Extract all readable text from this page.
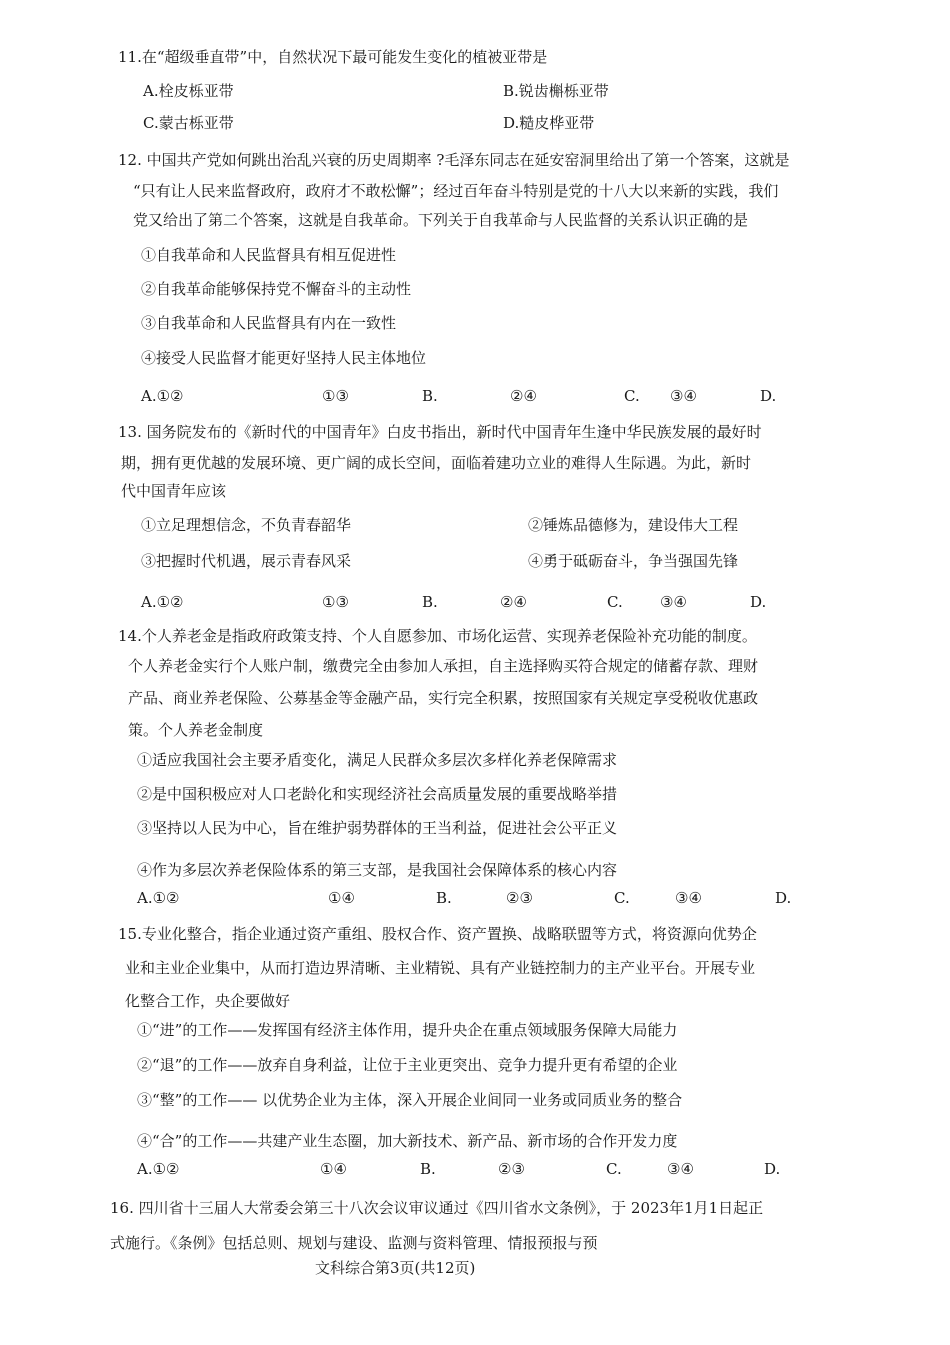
11.在“超级垂直带”中，自然状况下最可能发生变化的植被亚带是
A.栓皮栎亚带	B.锐齿槲栎亚带
C.蒙古栎亚带	D.糙皮桦亚带
12. 中国共产党如何跳出治乱兴衰的历史周期率 ?毛泽东同志在延安窑洞里给出了第一个答案，这就是
“只有让人民来监督政府，政府才不敢松懈”；经过百年奋斗特别是党的十八大以来新的实践，我们
党又给出了第二个答案，这就是自我革命。下列关于自我革命与人民监督的关系认识正确的是
①自我革命和人民监督具有相互促进性
②自我革命能够保持党不懈奋斗的主动性
③自我革命和人民监督具有内在一致性
④接受人民监督才能更好坚持人民主体地位
A.①②	①③	B.	②④	C. ③④	D.
13. 国务院发布的《新时代的中国青年》白皮书指出，新时代中国青年生逢中华民族发展的最好时
期，拥有更优越的发展环境、更广阔的成长空间，面临着建功立业的难得人生际遇。为此，新时
代中国青年应该
①立足理想信念，不负青春韶华	②锤炼品德修为，建设伟大工程
③把握时代机遇，展示青春风采	④勇于砥砺奋斗，争当强国先锋
A.①②	①③	B.	②④	C. ③④	D.
14.个人养老金是指政府政策支持、个人自愿参加、市场化运营、实现养老保险补充功能的制度。
个人养老金实行个人账户制，缴费完全由参加人承担，自主选择购买符合规定的储蓄存款、理财
产品、商业养老保险、公募基金等金融产品，实行完全积累，按照国家有关规定享受税收优惠政
策。个人养老金制度
①适应我国社会主要矛盾变化，满足人民群众多层次多样化养老保障需求
②是中国积极应对人口老龄化和实现经济社会高质量发展的重要战略举措
③坚持以人民为中心，旨在维护弱势群体的王当利益，促进社会公平正义
④作为多层次养老保险体系的第三支部，是我国社会保障体系的核心内容
A.①②	①④	B.	②③	C.	③④	D.
15.专业化整合，指企业通过资产重组、股权合作、资产置换、战略联盟等方式，将资源向优势企
业和主业企业集中，从而打造边界清晰、主业精锐、具有产业链控制力的主产业平台。开展专业
化整合工作，央企要做好
①“进”的工作——发挥国有经济主体作用，提升央企在重点领域服务保障大局能力
②“退”的工作——放弃自身利益，让位于主业更突出、竞争力提升更有希望的企业
③“整”的工作—— 以优势企业为主体，深入开展企业间同一业务或同质业务的整合
④“合”的工作——共建产业生态圈，加大新技术、新产品、新市场的合作开发力度
A.①②	①④	B.	②③	C.	③④	D.
16. 四川省十三届人大常委会第三十八次会议审议通过《四川省水文条例》，于 2023年1月1日起正
式施行。《条例》包括总则、规划与建设、监测与资料管理、情报预报与预
文科综合第3页(共12页)
